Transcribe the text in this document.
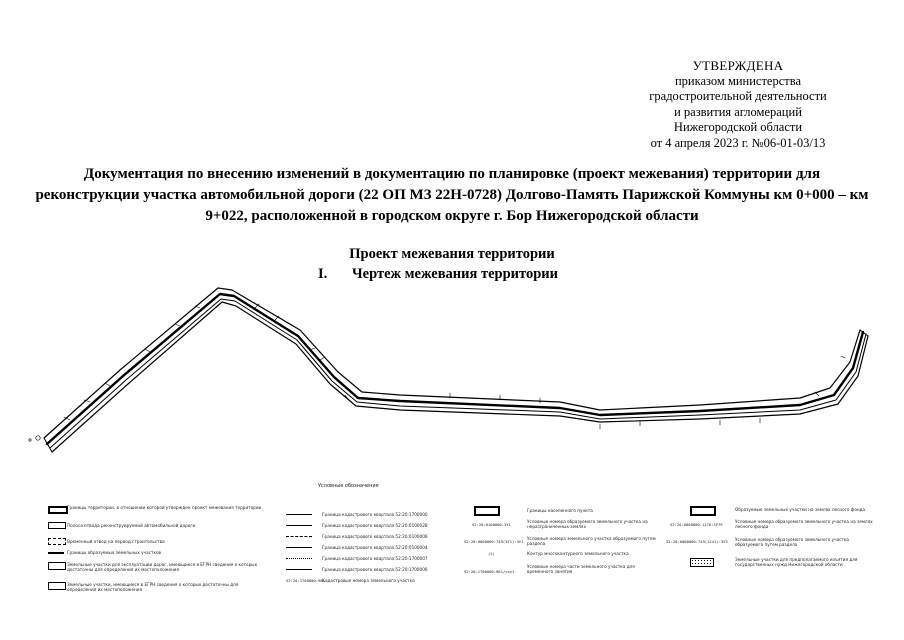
УТВЕРЖДЕНА
приказом министерства
градостроительной деятельности
и развития агломераций
Нижегородской области
от 4 апреля 2023 г. №06-01-03/13
Документация по внесению изменений в документацию по планировке (проект межевания) территории для
реконструкции участка автомобильной дороги (22 ОП МЗ 22Н-0728) Долгово-Память Парижской Коммуны км 0+000 – км
9+022, расположенной в городском округе г. Бор Нижегородской области
Проект межевания территории
I. Чертеж межевания территории
Условные обозначения
Границы территории, в отношении которой утвержден проект межевания территории
Полоса отвода реконструируемой автомобильной дороги
Временный отвод на период строительства
Границы образуемых земельных участков
Земельные участки для эксплуатации дорог, имеющиеся в ЕГРН сведения о которых достаточны для определения их местоположения
Земельные участки, имеющиеся в ЕГРН сведения о которых достаточны для определения их местоположения
Граница кадастрового квартала 52:20:1700000
Граница кадастрового квартала 52:20:0100028
Граница кадастрового квартала 52:20:0100006
Граница кадастрового квартала 52:20:0100004
Граница кадастрового квартала 52:20:1700007
Граница кадастрового квартала 52:20:1700006
52:20:1700000:981
Кадастровые номера земельного участка
Границы населенного пункта
52:20:0100000:ЗУ1
Условные номера образуемого земельного участка на неразграниченных землях
52:20:0000000:749(ЗУ1):ЗУ1
Условные номера земельного участка образуемого путем раздела
(1)	Контур многоконтурного земельного участка
52:20:1700000:981/чзу1
Условные номера части земельного участка для временного занятия
Образуемые земельные участки на землях лесного фонда
52:20:0000000:1276:ЗУ79
Условные номера образуемого земельного участка на землях лесного фонда
52:20:0000000:749(1241):ЗУ3 Условные номера образуемого земельного участка образуемого путем раздела
Земельные участки для предполагаемого изъятия для государственных нужд Нижегородской области
